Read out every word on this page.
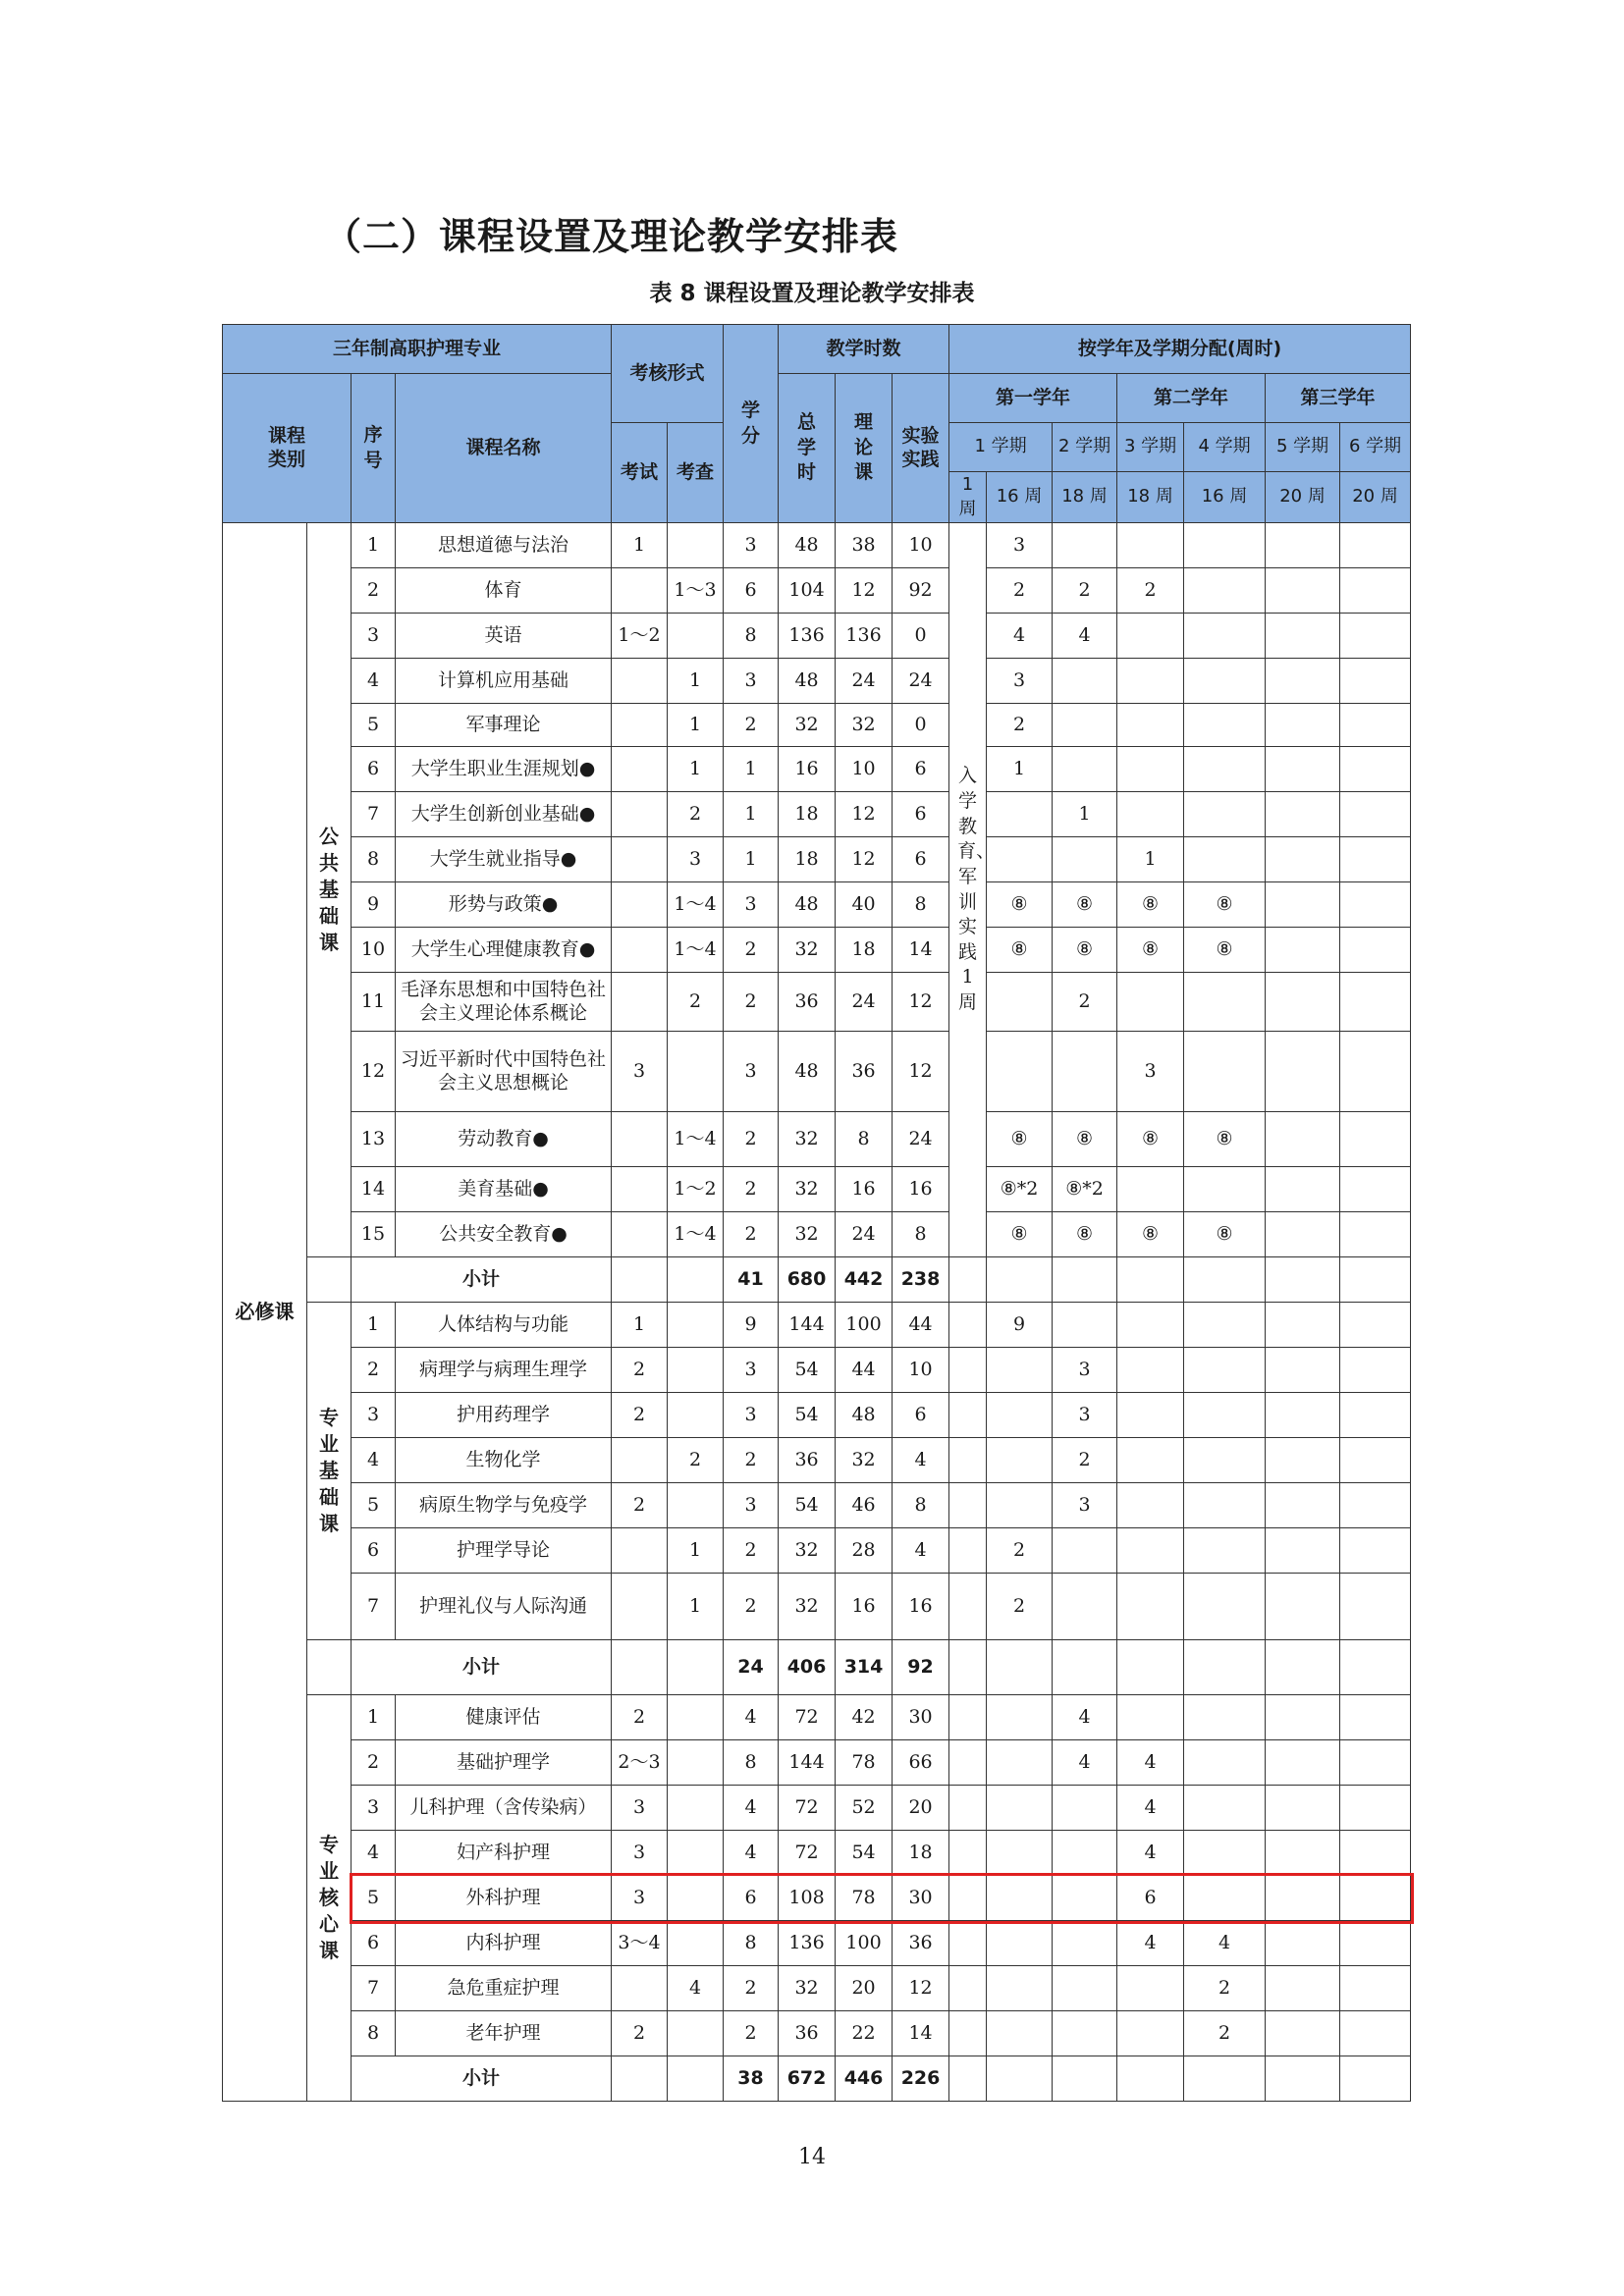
（二）课程设置及理论教学安排表
表 8 课程设置及理论教学安排表
三年制高职护理专业				考核形式		学分	教学时数			按学年及学期分配(周时)						
课程类别		序号	课程名称				总学时	理论课	实验实践	第一学年			第二学年		第三学年	
				考试	考查					1 学期		2 学期	3 学期	4 学期	5 学期	6 学期
										1周	16 周	18 周	18 周	16 周	20 周	20 周
必修课	公共基础课	1	思想道德与法治	1		3	48	38	10	入学教育、军训实践1周	3					
		2	体育		1～3	6	104	12	92		2	2	2			
		3	英语	1～2		8	136	136	0		4	4				
		4	计算机应用基础		1	3	48	24	24		3					
		5	军事理论		1	2	32	32	0		2					
		6	大学生职业生涯规划●		1	1	16	10	6		1					
		7	大学生创新创业基础●		2	1	18	12	6			1				
		8	大学生就业指导●		3	1	18	12	6				1			
		9	形势与政策●		1～4	3	48	40	8		⑧	⑧	⑧	⑧		
		10	大学生心理健康教育●		1～4	2	32	18	14		⑧	⑧	⑧	⑧		
		11	毛泽东思想和中国特色社会主义理论体系概论		2	2	36	24	12			2				
		12	习近平新时代中国特色社会主义思想概论	3		3	48	36	12				3			
		13	劳动教育●		1～4	2	32	8	24		⑧	⑧	⑧	⑧		
		14	美育基础●		1～2	2	32	16	16		⑧*2	⑧*2				
		15	公共安全教育●		1～4	2	32	24	8		⑧	⑧	⑧	⑧		
		小计				41	680	442	238							
	专业基础课	1	人体结构与功能	1		9	144	100	44		9					
		2	病理学与病理生理学	2		3	54	44	10			3				
		3	护用药理学	2		3	54	48	6			3				
		4	生物化学		2	2	36	32	4			2				
		5	病原生物学与免疫学	2		3	54	46	8			3				
		6	护理学导论		1	2	32	28	4		2					
		7	护理礼仪与人际沟通		1	2	32	16	16		2					
		小计				24	406	314	92							
	专业核心课	1	健康评估	2		4	72	42	30			4				
		2	基础护理学	2～3		8	144	78	66			4	4			
		3	儿科护理（含传染病）	3		4	72	52	20				4			
		4	妇产科护理	3		4	72	54	18				4			
		5	外科护理	3		6	108	78	30				6			
		6	内科护理	3～4		8	136	100	36				4	4		
		7	急危重症护理		4	2	32	20	12					2		
		8	老年护理	2		2	36	22	14					2		
		小计				38	672	446	226							
14
